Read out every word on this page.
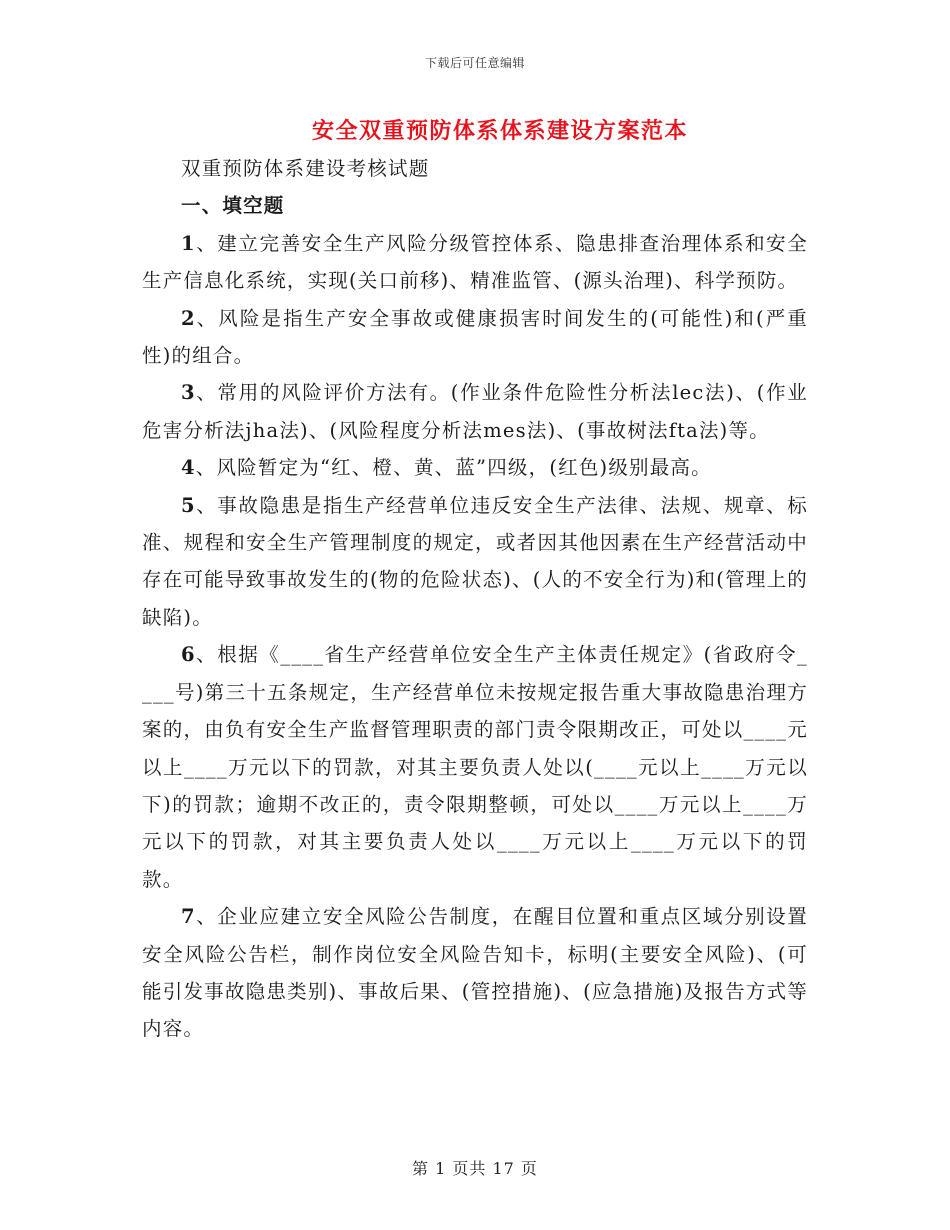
下载后可任意编辑
安全双重预防体系体系建设方案范本

双重预防体系建设考核试题

一、填空题

1、建立完善安全生产风险分级管控体系、隐患排查治理体系和安全生产信息化系统，实现(关口前移)、精准监管、(源头治理)、科学预防。

2、风险是指生产安全事故或健康损害时间发生的(可能性)和(严重性)的组合。

3、常用的风险评价方法有。(作业条件危险性分析法lec法)、(作业危害分析法jha法)、(风险程度分析法mes法)、(事故树法fta法)等。

4、风险暂定为“红、橙、黄、蓝”四级，(红色)级别最高。

5、事故隐患是指生产经营单位违反安全生产法律、法规、规章、标准、规程和安全生产管理制度的规定，或者因其他因素在生产经营活动中存在可能导致事故发生的(物的危险状态)、(人的不安全行为)和(管理上的缺陷)。

6、根据《____省生产经营单位安全生产主体责任规定》(省政府令____号)第三十五条规定，生产经营单位未按规定报告重大事故隐患治理方案的，由负有安全生产监督管理职责的部门责令限期改正，可处以____元以上____万元以下的罚款，对其主要负责人处以(____元以上____万元以下)的罚款；逾期不改正的，责令限期整顿，可处以____万元以上____万元以下的罚款，对其主要负责人处以____万元以上____万元以下的罚款。

7、企业应建立安全风险公告制度，在醒目位置和重点区域分别设置安全风险公告栏，制作岗位安全风险告知卡，标明(主要安全风险)、(可能引发事故隐患类别)、事故后果、(管控措施)、(应急措施)及报告方式等内容。

第 1 页共 17 页
